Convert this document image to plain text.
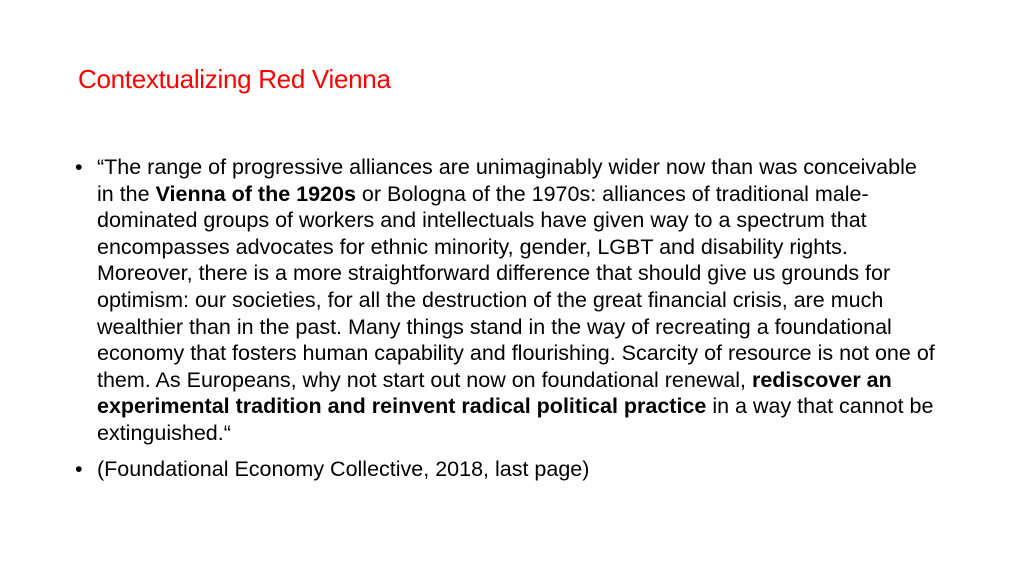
Contextualizing Red Vienna
• “The range of progressive alliances are unimaginably wider now than was conceivable in the Vienna of the 1920s or Bologna of the 1970s: alliances of traditional male-dominated groups of workers and intellectuals have given way to a spectrum that encompasses advocates for ethnic minority, gender, LGBT and disability rights. Moreover, there is a more straightforward difference that should give us grounds for optimism: our societies, for all the destruction of the great financial crisis, are much wealthier than in the past. Many things stand in the way of recreating a foundational economy that fosters human capability and flourishing. Scarcity of resource is not one of them. As Europeans, why not start out now on foundational renewal, rediscover an experimental tradition and reinvent radical political practice in a way that cannot be extinguished.“
• (Foundational Economy Collective, 2018, last page)
